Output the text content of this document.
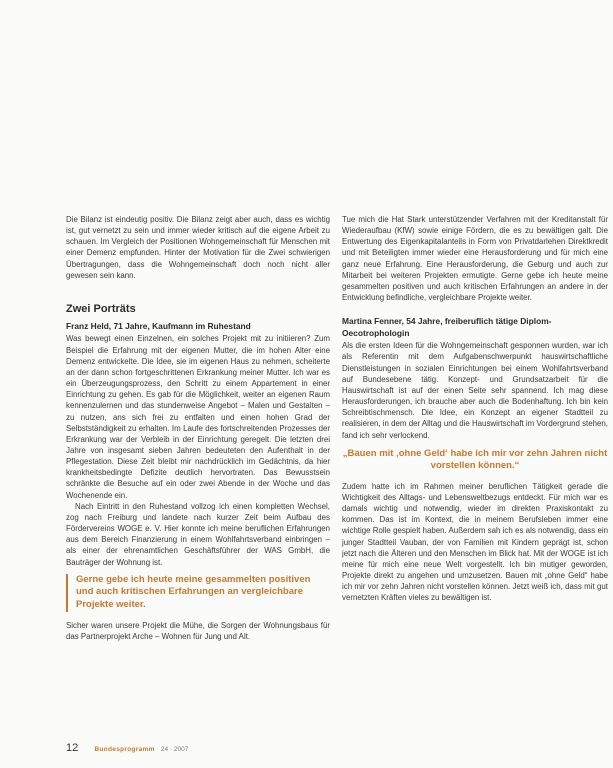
Die Bilanz ist eindeutig positiv. Die Bilanz zeigt aber auch, dass es wichtig ist, gut vernetzt zu sein und immer wieder kritisch auf die eigene Arbeit zu schauen. Im Vergleich der Positionen Wohngemeinschaft für Menschen mit einer Demenz empfunden. Hinter der Motivation für die Zwei schwierigen Übertragungen, dass die Wohngemeinschaft doch noch nicht aller gewesen sein kann.

Zwei Porträts
Franz Held, 71 Jahre, Kaufmann im Ruhestand

Was bewegt einen Einzelnen, ein solches Projekt mit zu initiieren? Zum Beispiel die Erfahrung mit der eigenen Mutter, die im hohen Alter eine Demenz entwickelte. Die Idee, sie im eigenen Haus zu nehmen, scheiterte an der dann schon fortgeschrittenen Erkrankung meiner Mutter. Ich war es ein Überzeugungsprozess, den Schritt zu einem Appartement in einer Einrichtung zu gehen. Es gab für die Möglichkeit, weiter an eigenen Raum kennenzulernen und das stundenweise Angebot – Malen und Gestalten – zu nutzen, ans sich frei zu entfalten und einen hohen Grad der Selbstständigkeit zu erhalten. Im Laufe des fortschreitenden Prozesses der Erkrankung war der Verbleib in der Einrichtung geregelt. Die letzten drei Jahre von insgesamt sieben Jahren bedeuteten den Aufenthalt in der Pflegestation. Diese Zeit bleibt mir nachdrücklich im Gedächtnis, da hier krankheitsbedingte Defizite deutlich hervortraten. Das Bewusstsein schränkte die Besuche auf ein oder zwei Abende in der Woche und das Wochenende ein.

Nach Eintritt in den Ruhestand vollzog ich einen kompletten Wechsel, zog nach Freiburg und landete nach kurzer Zeit beim Aufbau des Fördervereins WOGE e. V. Hier konnte ich meine beruflichen Erfahrungen aus dem Bereich Finanzierung in einem Wohlfahrtsverband einbringen – als einer der ehrenamtlichen Geschäftsführer der WAS GmbH, die Bauträger der Wohnung ist.

Gerne gebe ich heute meine gesammelten positiven und auch kritischen Erfahrungen an vergleichbare Projekte weiter.

Sicher waren unsere Projekt die Mühe, die Sorgen der Wohnungsbaus für das Partnerprojekt Arche – Wohnen für Jung und Alt.

Tue mich die Hat Stark unterstützender Verfahren mit der Kreditanstalt für Wiederaufbau (KfW) sowie einige Fördern, die es zu bewältigen galt. Die Entwertung des Eigenkapitalanteils in Form von Privatdarlehen Direktkredit und mit Beteiligten immer wieder eine Herausforderung und für mich eine ganz neue Erfahrung. Eine Herausforderung, die Geburg und auch zur Mitarbeit bei weiteren Projekten ermutigte. Gerne gebe ich heute meine gesammelten positiven und auch kritischen Erfahrungen an andere in der Entwicklung befindliche, vergleichbare Projekte weiter.

Martina Fenner, 54 Jahre, freiberuflich tätige Diplom-Oecotrophologin

Als die ersten Ideen für die Wohngemeinschaft gesponnen wurden, war ich als Referentin mit dem Aufgabenschwerpunkt hauswirtschaftliche Dienstleistungen in sozialen Einrichtungen bei einem Wohlfahrtsverband auf Bundesebene tätig. Konzept- und Grundsatzarbeit für die Hauswirtschaft ist auf der einen Seite sehr spannend. Ich mag diese Herausforderungen, ich brauche aber auch die Bodenhaftung. Ich bin kein Schreibtischmensch. Die Idee, ein Konzept an eigener Stadtteil zu realisieren, in dem der Alltag und die Hauswirtschaft im Vordergrund stehen, fand ich sehr verlockend.

„Bauen mit ‚ohne Geld‘ habe ich mir vor zehn Jahren nicht vorstellen können.“

Zudem hatte ich im Rahmen meiner beruflichen Tätigkeit gerade die Wichtigkeit des Alltags- und Lebensweltbezugs entdeckt. Für mich war es damals wichtig und notwendig, wieder im direkten Praxiskontakt zu kommen. Das ist im Kontext, die in meinem Berufsleben immer eine wichtige Rolle gespielt haben. Außerdem sah ich es als notwendig, dass ein junger Stadtteil Vauban, der von Familien mit Kindern geprägt ist, schon jetzt nach die Älteren und den Menschen im Blick hat. Mit der WOGE ist ich meine für mich eine neue Welt vorgestellt. Ich bin mutiger geworden, Projekte direkt zu angehen und umzusetzen. Bauen mit „ohne Geld“ habe ich mir vor zehn Jahren nicht vorstellen können. Jetzt weiß ich, dass mit gut vernetzten Kräften vieles zu bewältigen ist.

12 Bundesprogramm 24 · 2007
